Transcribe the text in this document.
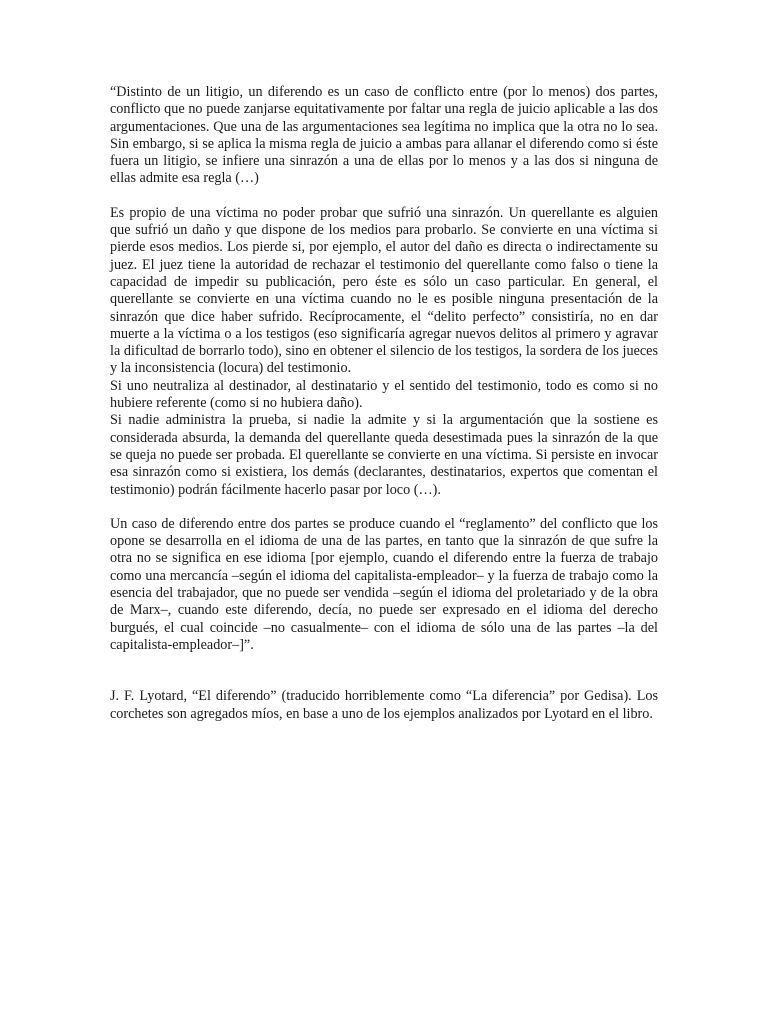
“Distinto de un litigio, un diferendo es un caso de conflicto entre (por lo menos) dos partes, conflicto que no puede zanjarse equitativamente por faltar una regla de juicio aplicable a las dos argumentaciones. Que una de las argumentaciones sea legítima no implica que la otra no lo sea. Sin embargo, si se aplica la misma regla de juicio a ambas para allanar el diferendo como si éste fuera un litigio, se infiere una sinrazón a una de ellas por lo menos y a las dos si ninguna de ellas admite esa regla (…)

Es propio de una víctima no poder probar que sufrió una sinrazón. Un querellante es alguien que sufrió un daño y que dispone de los medios para probarlo. Se convierte en una víctima si pierde esos medios. Los pierde si, por ejemplo, el autor del daño es directa o indirectamente su juez. El juez tiene la autoridad de rechazar el testimonio del querellante como falso o tiene la capacidad de impedir su publicación, pero éste es sólo un caso particular. En general, el querellante se convierte en una víctima cuando no le es posible ninguna presentación de la sinrazón que dice haber sufrido. Recíprocamente, el “delito perfecto” consistiría, no en dar muerte a la víctima o a los testigos (eso significaría agregar nuevos delitos al primero y agravar la dificultad de borrarlo todo), sino en obtener el silencio de los testigos, la sordera de los jueces y la inconsistencia (locura) del testimonio.

Si uno neutraliza al destinador, al destinatario y el sentido del testimonio, todo es como si no hubiere referente (como si no hubiera daño).

Si nadie administra la prueba, si nadie la admite y si la argumentación que la sostiene es considerada absurda, la demanda del querellante queda desestimada pues la sinrazón de la que se queja no puede ser probada. El querellante se convierte en una víctima. Si persiste en invocar esa sinrazón como si existiera, los demás (declarantes, destinatarios, expertos que comentan el testimonio) podrán fácilmente hacerlo pasar por loco (…).

Un caso de diferendo entre dos partes se produce cuando el “reglamento” del conflicto que los opone se desarrolla en el idioma de una de las partes, en tanto que la sinrazón de que sufre la otra no se significa en ese idioma [por ejemplo, cuando el diferendo entre la fuerza de trabajo como una mercancía –según el idioma del capitalista-empleador– y la fuerza de trabajo como la esencia del trabajador, que no puede ser vendida –según el idioma del proletariado y de la obra de Marx–, cuando este diferendo, decía, no puede ser expresado en el idioma del derecho burgués, el cual coincide –no casualmente– con el idioma de sólo una de las partes –la del capitalista-empleador–]”.

J. F. Lyotard, “El diferendo” (traducido horriblemente como “La diferencia” por Gedisa). Los corchetes son agregados míos, en base a uno de los ejemplos analizados por Lyotard en el libro.
